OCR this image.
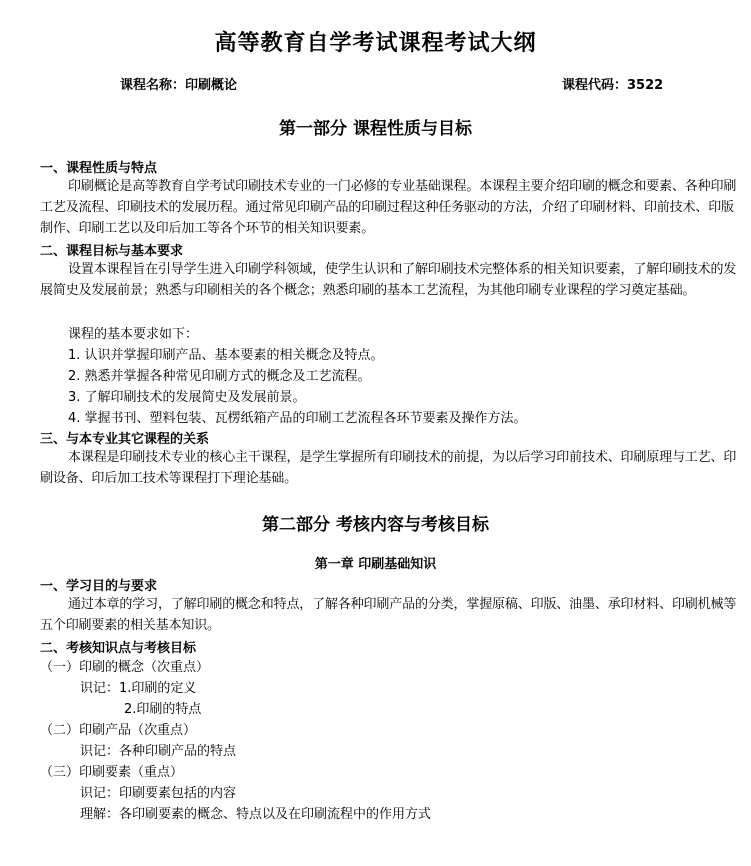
高等教育自学考试课程考试大纲
课程名称：印刷概论	课程代码：3522
第一部分 课程性质与目标
一、课程性质与特点

印刷概论是高等教育自学考试印刷技术专业的一门必修的专业基础课程。本课程主要介绍印刷的概念和要素、各种印刷工艺及流程、印刷技术的发展历程。通过常见印刷产品的印刷过程这种任务驱动的方法，介绍了印刷材料、印前技术、印版制作、印刷工艺以及印后加工等各个环节的相关知识要素。

二、课程目标与基本要求

设置本课程旨在引导学生进入印刷学科领域，使学生认识和了解印刷技术完整体系的相关知识要素，了解印刷技术的发展简史及发展前景；熟悉与印刷相关的各个概念；熟悉印刷的基本工艺流程，为其他印刷专业课程的学习奠定基础。

课程的基本要求如下：
1. 认识并掌握印刷产品、基本要素的相关概念及特点。
2. 熟悉并掌握各种常见印刷方式的概念及工艺流程。
3. 了解印刷技术的发展简史及发展前景。
4. 掌握书刊、塑料包装、瓦楞纸箱产品的印刷工艺流程各环节要素及操作方法。
三、与本专业其它课程的关系

本课程是印刷技术专业的核心主干课程，是学生掌握所有印刷技术的前提，为以后学习印前技术、印刷原理与工艺、印刷设备、印后加工技术等课程打下理论基础。

第二部分 考核内容与考核目标
第一章 印刷基础知识
一、学习目的与要求

通过本章的学习，了解印刷的概念和特点，了解各种印刷产品的分类，掌握原稿、印版、油墨、承印材料、印刷机械等五个印刷要素的相关基本知识。

二、考核知识点与考核目标
（一）印刷的概念（次重点）
识记：1.印刷的定义
2.印刷的特点
（二）印刷产品（次重点）
识记：各种印刷产品的特点
（三）印刷要素（重点）
识记：印刷要素包括的内容
理解：各印刷要素的概念、特点以及在印刷流程中的作用方式
